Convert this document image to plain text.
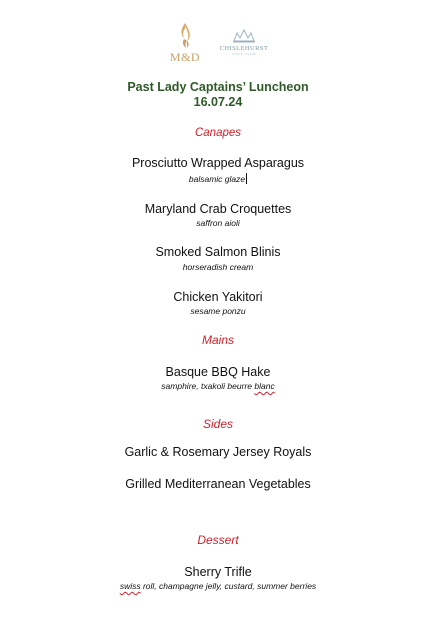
M&D
CHISLEHURST
GOLF CLUB
Past Lady Captains’ Luncheon
16.07.24
Canapes
Prosciutto Wrapped Asparagus
balsamic glaze
Maryland Crab Croquettes
saffron aioli
Smoked Salmon Blinis
horseradish cream
Chicken Yakitori
sesame ponzu
Mains
Basque BBQ Hake
samphire, txakoli beurre blanc
Sides
Garlic & Rosemary Jersey Royals
Grilled Mediterranean Vegetables
Dessert
Sherry Trifle
swiss roll, champagne jelly, custard, summer berries
